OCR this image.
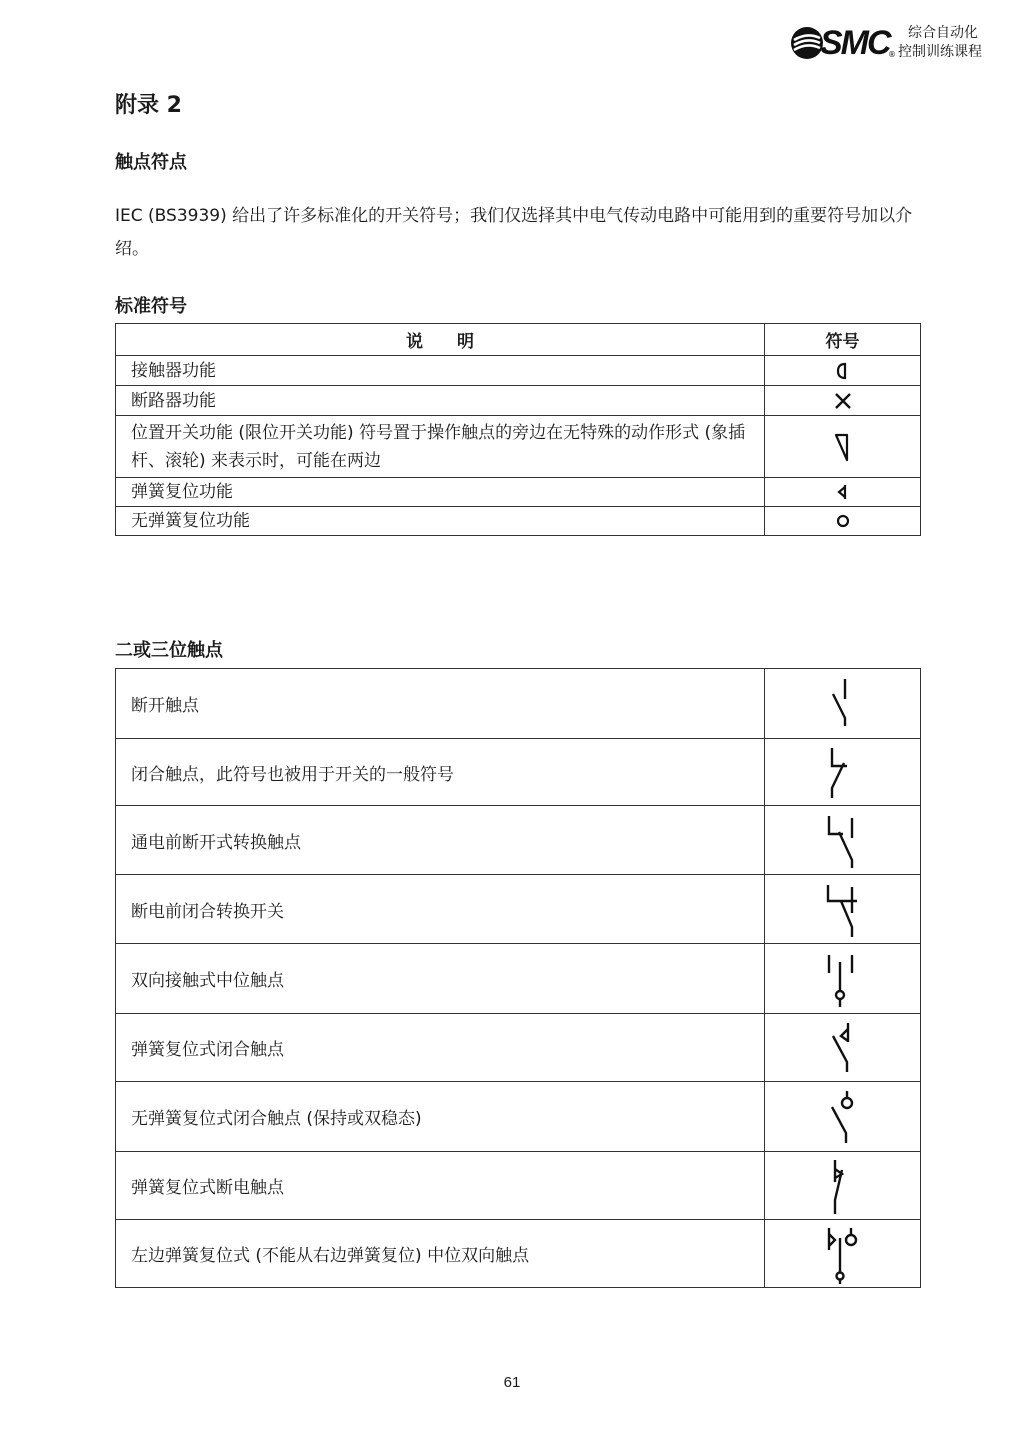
SMC
®
综合自动化
控制训练课程
附录 2
触点符点
IEC (BS3939) 给出了许多标准化的开关符号；我们仅选择其中电气传动电路中可能用到的重要符号加以介绍。
标准符号
说　　明	符号
接触器功能	

断路器功能	

位置开关功能 (限位开关功能) 符号置于操作触点的旁边在无特殊的动作形式 (象插杆、滚轮) 来表示时，可能在两边	

弹簧复位功能	

无弹簧复位功能	
二或三位触点
断开触点	

闭合触点，此符号也被用于开关的一般符号	

通电前断开式转换触点	

断电前闭合转换开关	

双向接触式中位触点	

弹簧复位式闭合触点	

无弹簧复位式闭合触点 (保持或双稳态)	

弹簧复位式断电触点	

左边弹簧复位式 (不能从右边弹簧复位) 中位双向触点	
61
